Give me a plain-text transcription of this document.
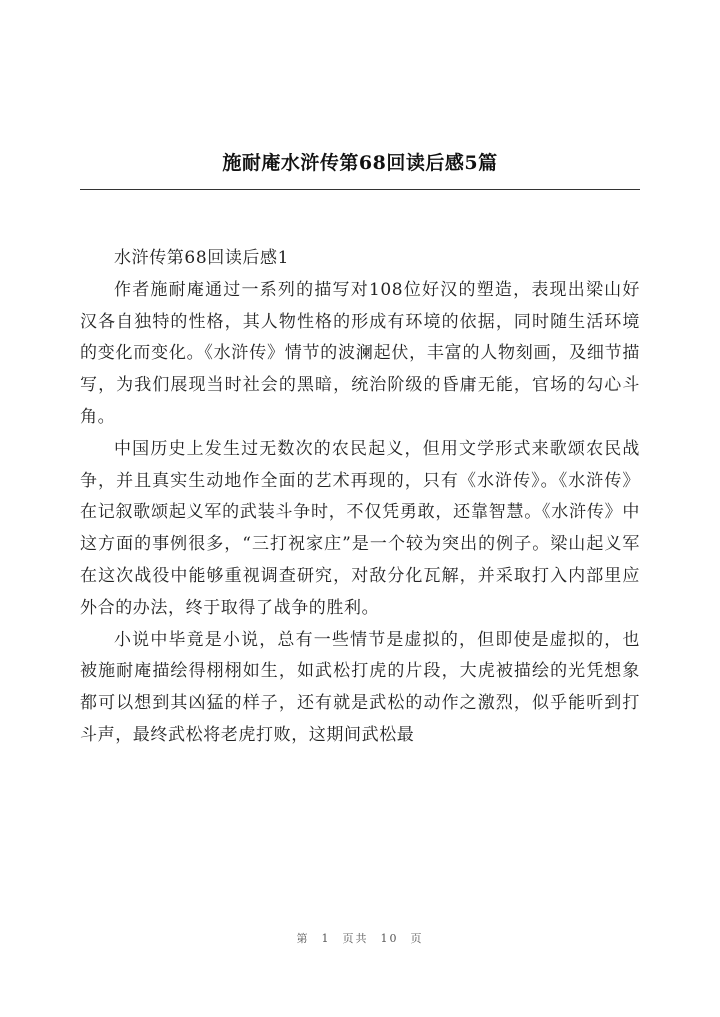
施耐庵水浒传第68回读后感5篇

水浒传第68回读后感1

作者施耐庵通过一系列的描写对108位好汉的塑造，表现出梁山好汉各自独特的性格，其人物性格的形成有环境的依据，同时随生活环境的变化而变化。《水浒传》情节的波澜起伏，丰富的人物刻画，及细节描写，为我们展现当时社会的黑暗，统治阶级的昏庸无能，官场的勾心斗角。

中国历史上发生过无数次的农民起义，但用文学形式来歌颂农民战争，并且真实生动地作全面的艺术再现的，只有《水浒传》。《水浒传》在记叙歌颂起义军的武装斗争时，不仅凭勇敢，还靠智慧。《水浒传》中这方面的事例很多，“三打祝家庄”是一个较为突出的例子。梁山起义军在这次战役中能够重视调查研究，对敌分化瓦解，并采取打入内部里应外合的办法，终于取得了战争的胜利。

小说中毕竟是小说，总有一些情节是虚拟的，但即使是虚拟的，也被施耐庵描绘得栩栩如生，如武松打虎的片段，大虎被描绘的光凭想象都可以想到其凶猛的样子，还有就是武松的动作之激烈，似乎能听到打斗声，最终武松将老虎打败，这期间武松最

第 1 页共 10 页
